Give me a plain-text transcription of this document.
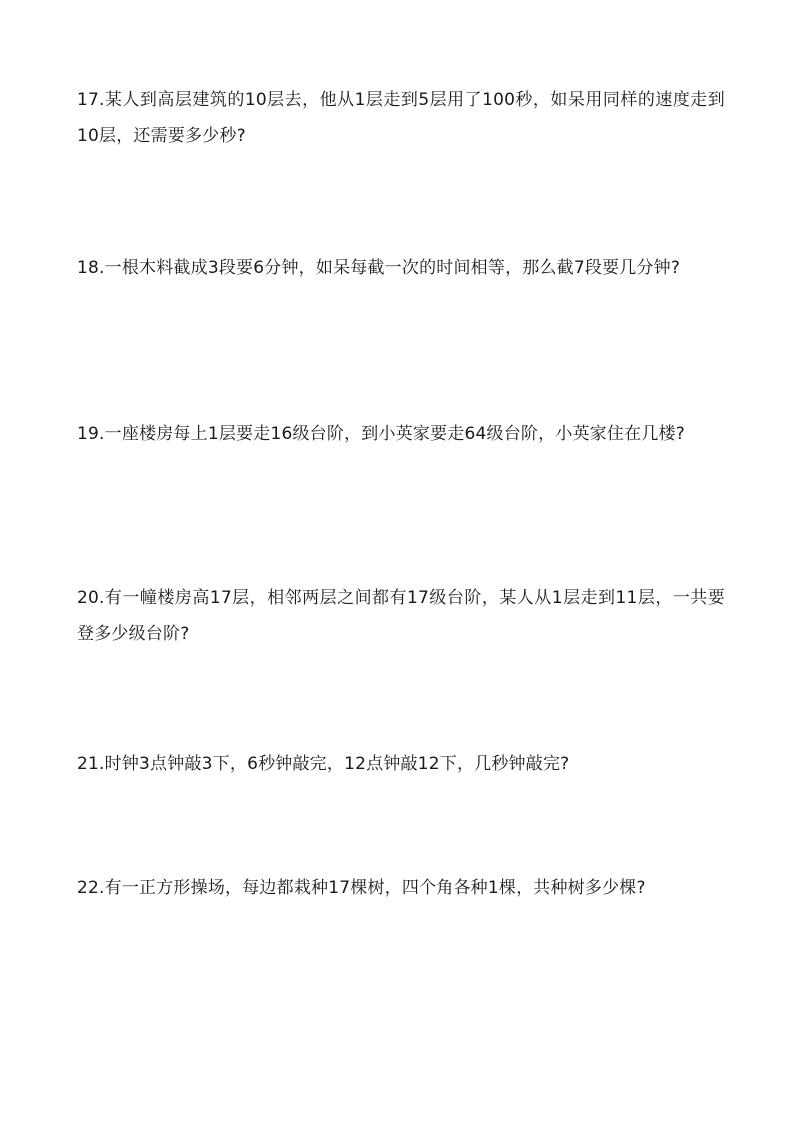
17.某人到高层建筑的10层去，他从1层走到5层用了100秒，如呆用同样的速度走到10层，还需要多少秒?

18.一根木料截成3段要6分钟，如呆每截一次的时间相等，那么截7段要几分钟?

19.一座楼房每上1层要走16级台阶，到小英家要走64级台阶，小英家住在几楼?

20.有一幢楼房高17层，相邻两层之间都有17级台阶，某人从1层走到11层，一共要登多少级台阶?

21.时钟3点钟敲3下，6秒钟敲完，12点钟敲12下，几秒钟敲完?

22.有一正方形操场，每边都栽种17棵树，四个角各种1棵，共种树多少棵?
